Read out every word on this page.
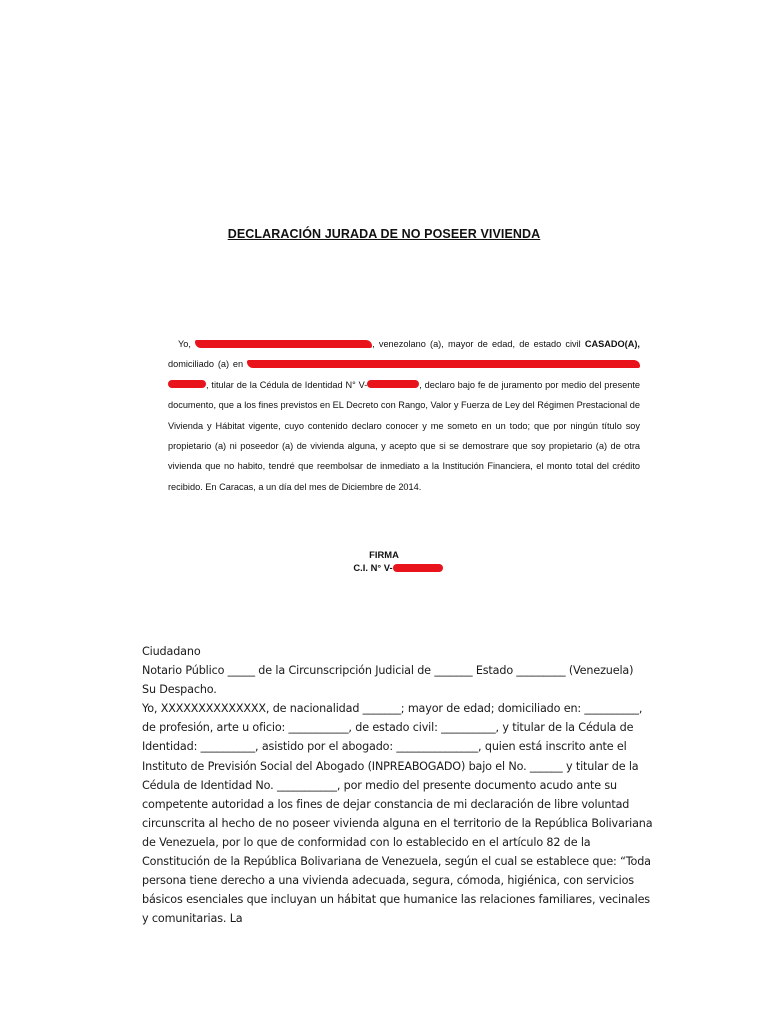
DECLARACIÓN JURADA DE NO POSEER VIVIENDA

Yo,	, venezolano (a), mayor de edad, de estado civil CASADO(A), domiciliado (a) en  , titular de la Cédula de Identidad N° V-	, declaro bajo fe de juramento por medio del presente documento, que a los fines previstos en EL Decreto con Rango, Valor y Fuerza de Ley del Régimen Prestacional de Vivienda y Hábitat vigente, cuyo contenido declaro conocer y me someto en un todo; que por ningún título soy propietario (a) ni poseedor (a) de vivienda alguna, y acepto que si se demostrare que soy propietario (a) de otra vivienda que no habito, tendré que reembolsar de inmediato a la Institución Financiera, el monto total del crédito recibido. En Caracas, a un día del mes de Diciembre de 2014.

FIRMA
C.I. N° V-

Ciudadano

Notario Público _____ de la Circunscripción Judicial de _______ Estado _________ (Venezuela)

Su Despacho.

Yo, XXXXXXXXXXXXXX, de nacionalidad _______; mayor de edad; domiciliado en: __________, de profesión, arte u oficio: ___________, de estado civil: __________, y titular de la Cédula de Identidad: __________, asistido por el abogado: _______________, quien está inscrito ante el Instituto de Previsión Social del Abogado (INPREABOGADO) bajo el No. ______ y titular de la Cédula de Identidad No. ___________, por medio del presente documento acudo ante su competente autoridad a los fines de dejar constancia de mi declaración de libre voluntad circunscrita al hecho de no poseer vivienda alguna en el territorio de la República Bolivariana de Venezuela, por lo que de conformidad con lo establecido en el artículo 82 de la Constitución de la República Bolivariana de Venezuela, según el cual se establece que: “Toda persona tiene derecho a una vivienda adecuada, segura, cómoda, higiénica, con servicios básicos esenciales que incluyan un hábitat que humanice las relaciones familiares, vecinales y comunitarias. La
